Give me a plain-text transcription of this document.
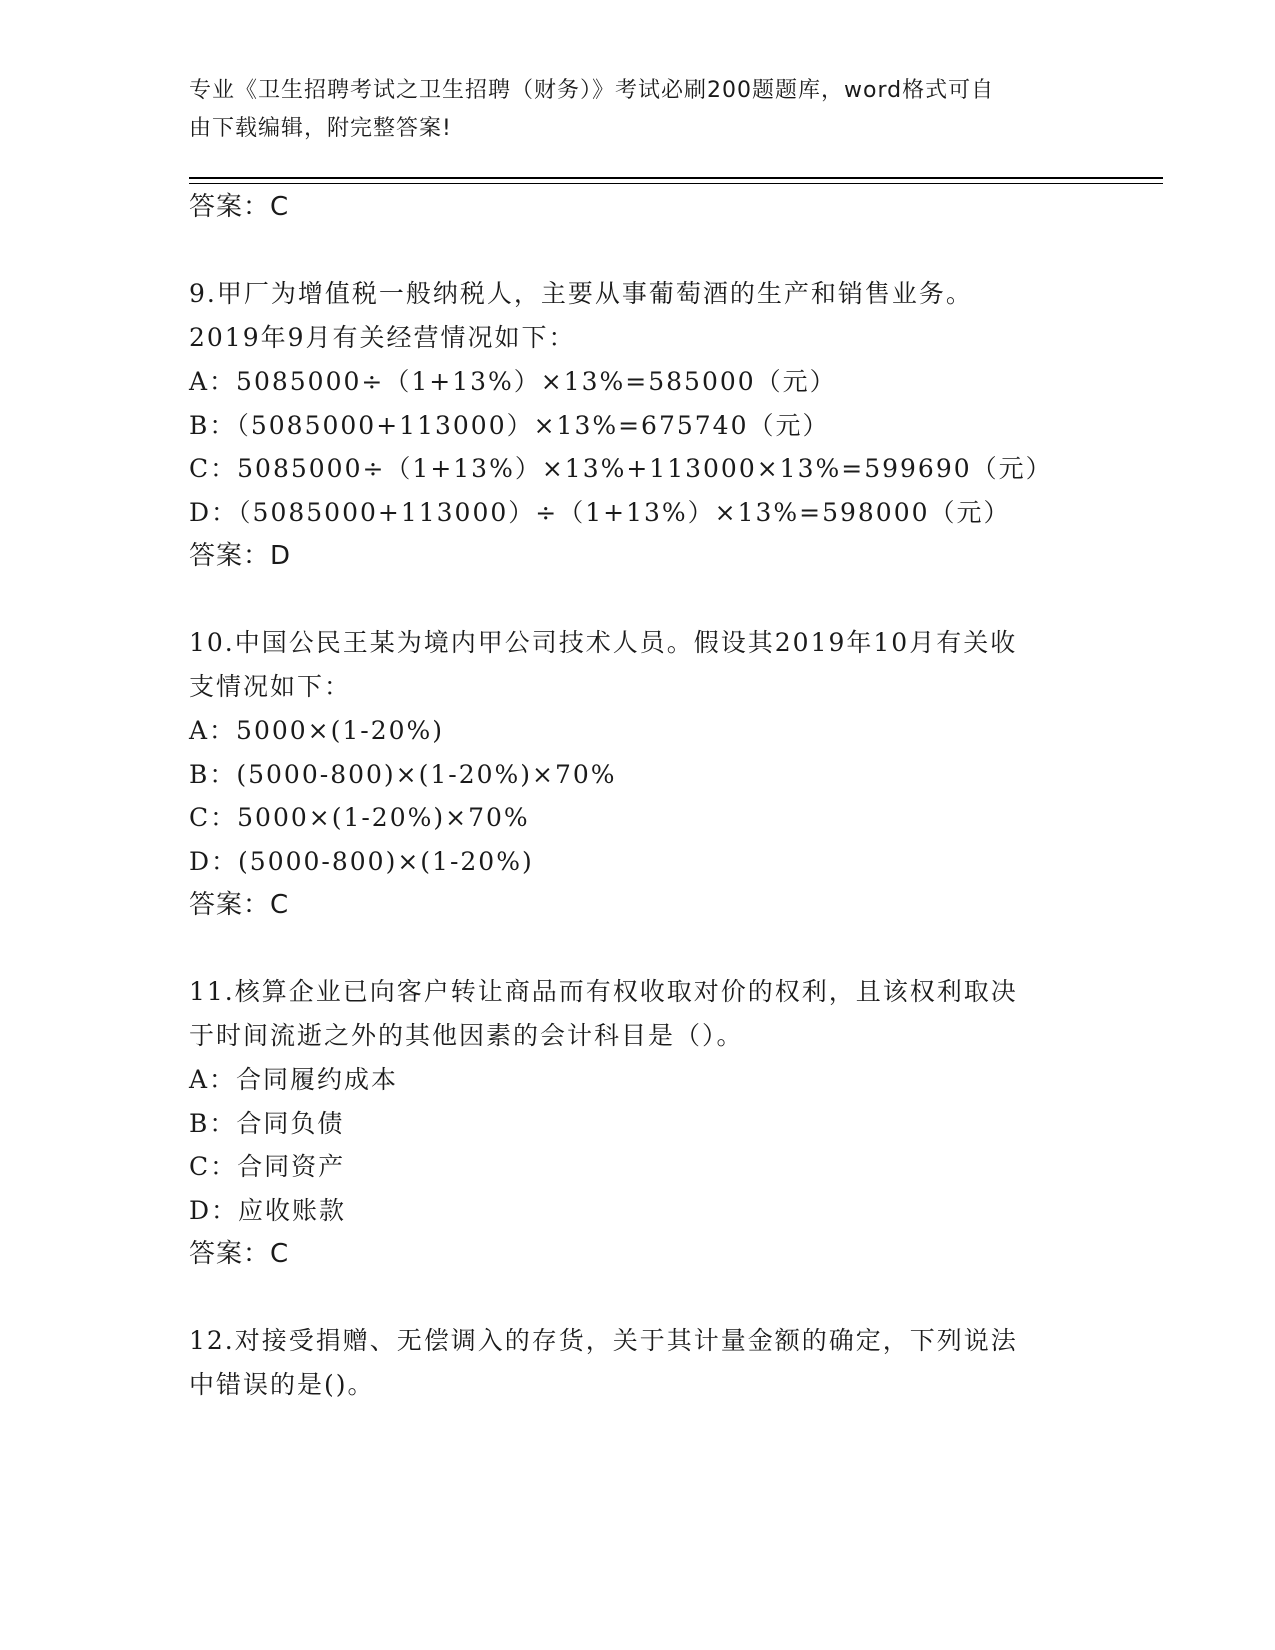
专业《卫生招聘考试之卫生招聘（财务）》考试必刷200题题库，word格式可自
由下载编辑，附完整答案!
答案：C
9.甲厂为增值税一般纳税人，主要从事葡萄酒的生产和销售业务。
2019年9月有关经营情况如下：
A：5085000÷（1+13%）×13%=585000（元）
B：（5085000+113000）×13%=675740（元）
C：5085000÷（1+13%）×13%+113000×13%=599690（元）
D：（5085000+113000）÷（1+13%）×13%=598000（元）
答案：D
10.中国公民王某为境内甲公司技术人员。假设其2019年10月有关收
支情况如下：
A：5000×(1-20%)
B：(5000-800)×(1-20%)×70%
C：5000×(1-20%)×70%
D：(5000-800)×(1-20%)
答案：C
11.核算企业已向客户转让商品而有权收取对价的权利，且该权利取决
于时间流逝之外的其他因素的会计科目是（）。
A：合同履约成本
B：合同负债
C：合同资产
D：应收账款
答案：C
12.对接受捐赠、无偿调入的存货，关于其计量金额的确定，下列说法
中错误的是()。
